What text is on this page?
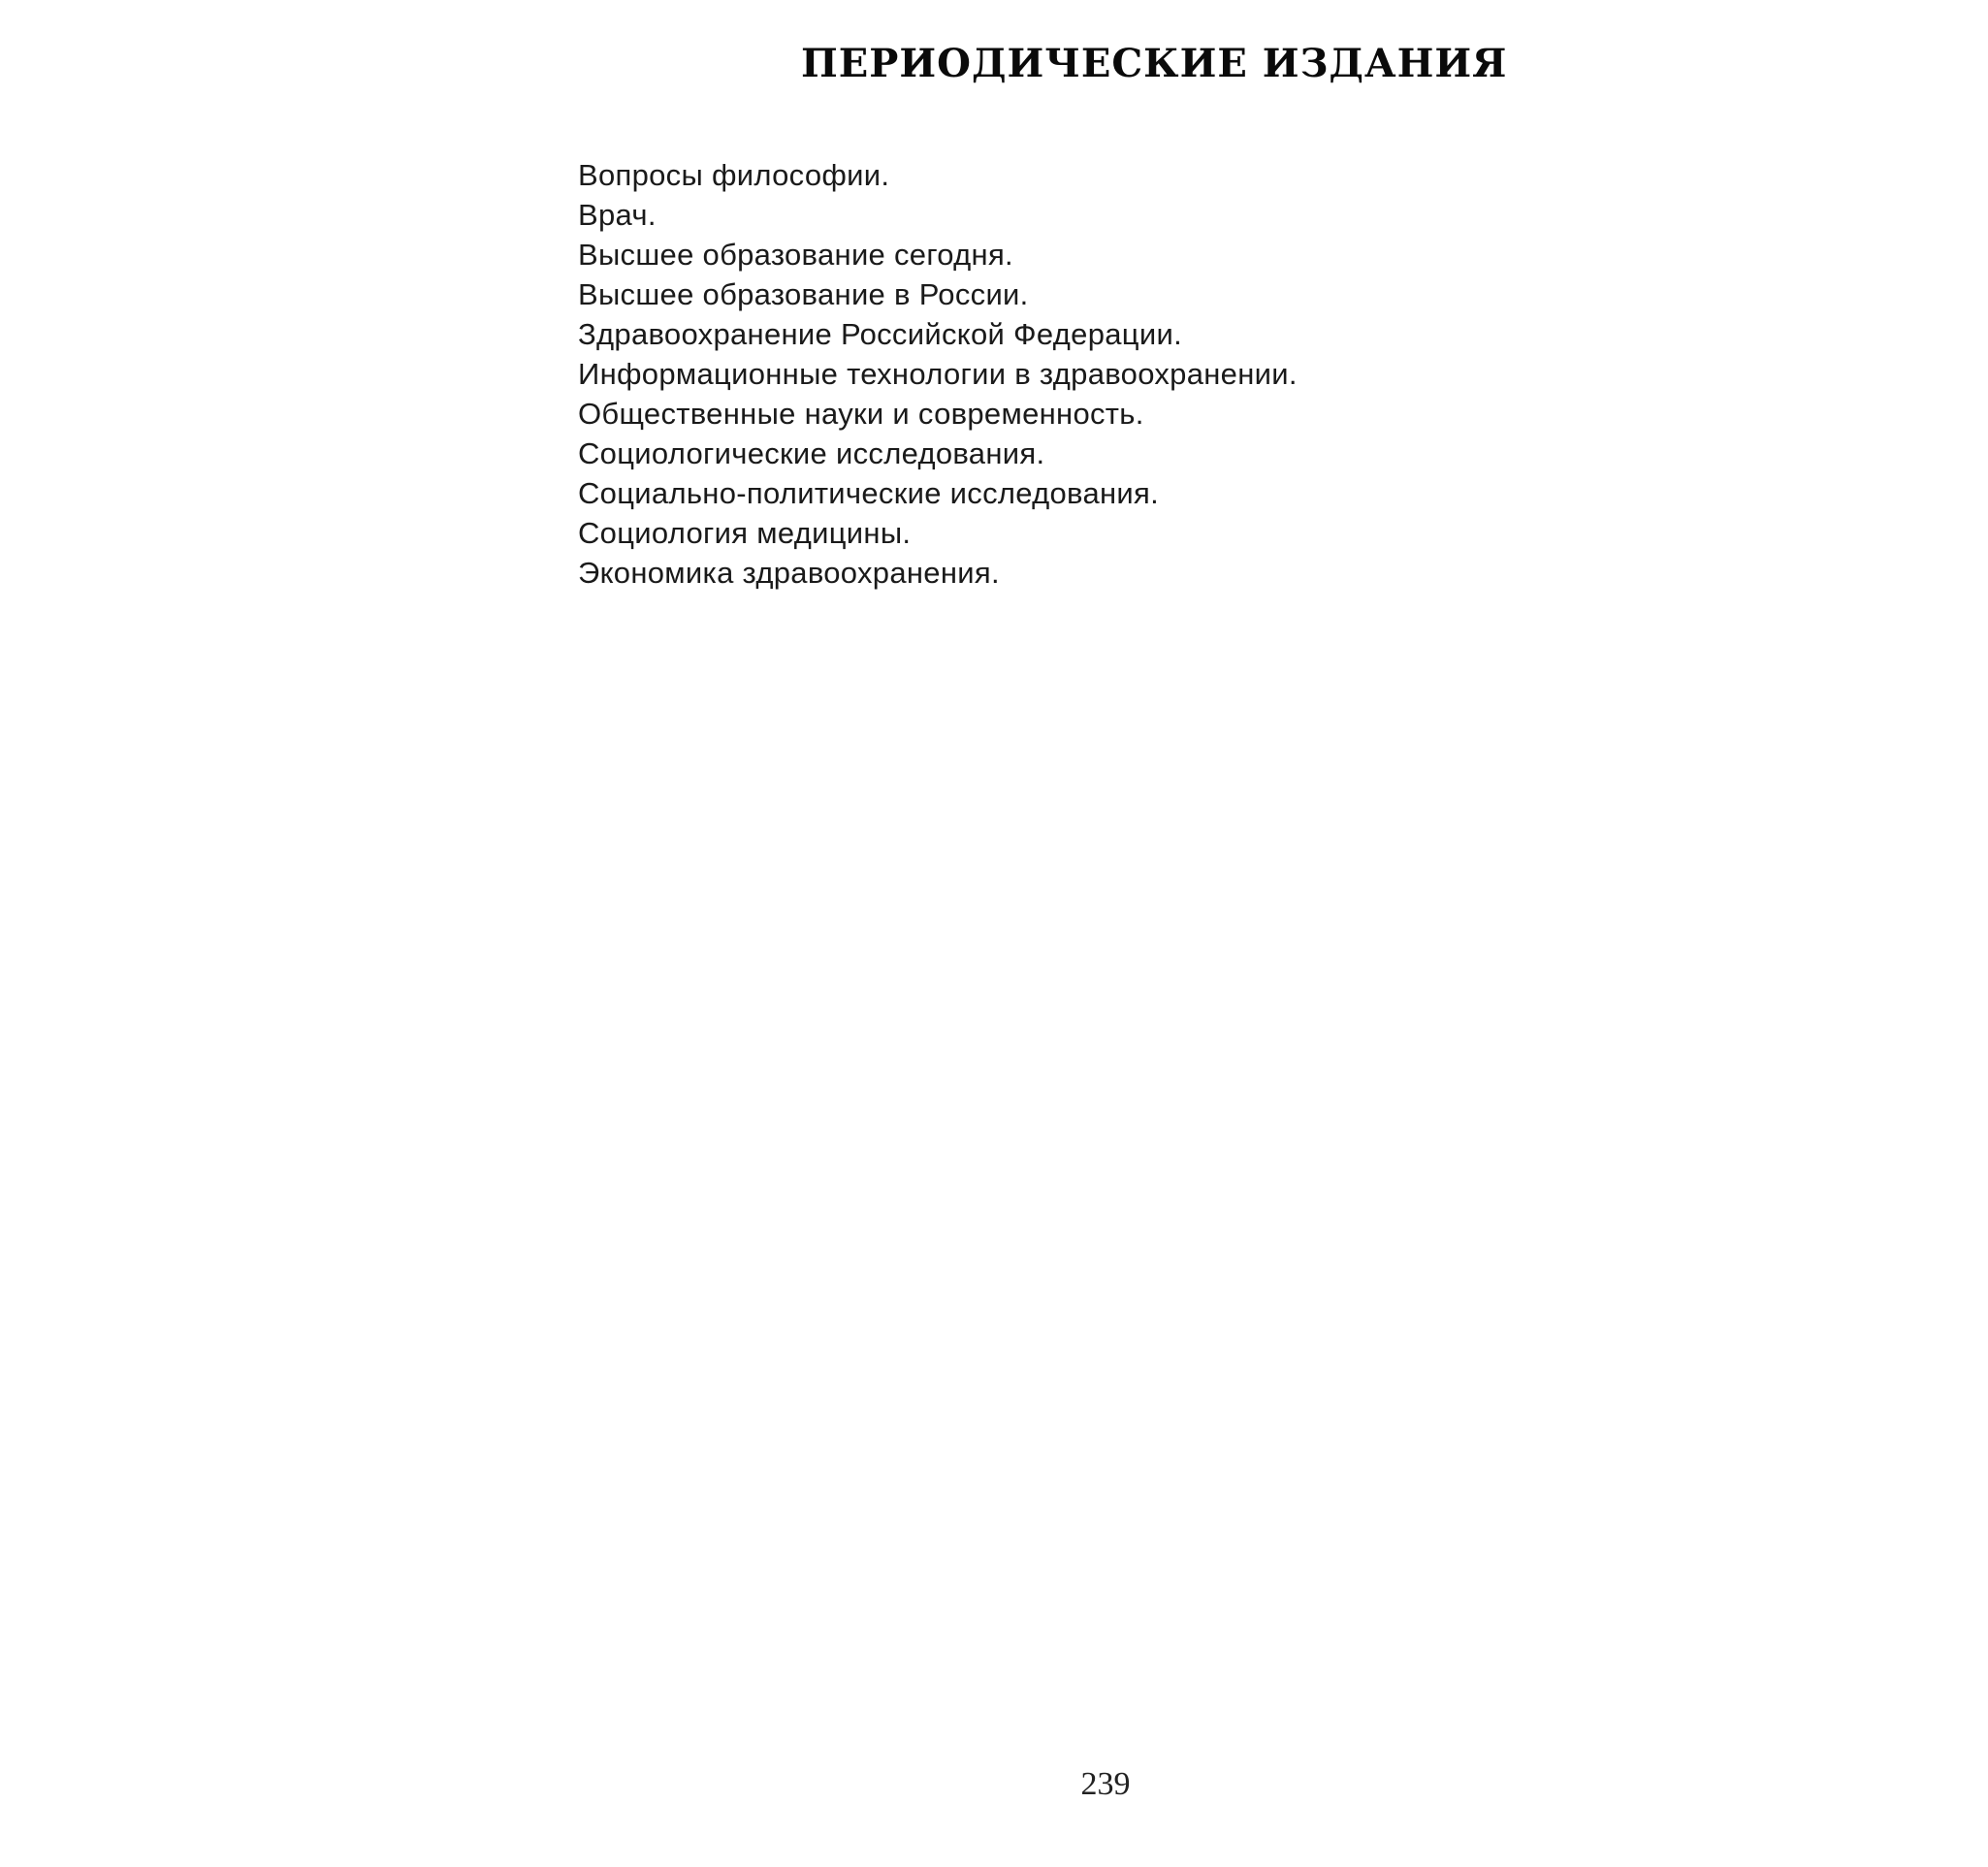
ПЕРИОДИЧЕСКИЕ ИЗДАНИЯ
Вопросы философии.
Врач.
Высшее образование сегодня.
Высшее образование в России.
Здравоохранение Российской Федерации.
Информационные технологии в здравоохранении.
Общественные науки и современность.
Социологические исследования.
Социально-политические исследования.
Социология медицины.
Экономика здравоохранения.
239
